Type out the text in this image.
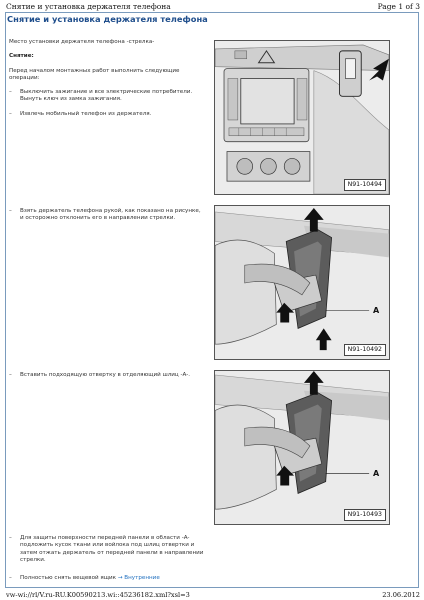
Снятие и установка держателя телефона	Page 1 of 3
Снятие и установка держателя телефона
Место установки держателя телефона -стрелка-
Снятие:
Перед началом монтажных работ выполнить следующие операции:
– Выключить зажигание и все электрические потребители. Вынуть ключ из замка зажигания.
– Извлечь мобильный телефон из держателя.
– Взять держатель телефона рукой, как показано на рисунке, и осторожно отклонить его в направлении стрелки.
– Вставить подходящую отвертку в отделяющий шлиц -A-.
– Для защиты поверхности передней панели в области -A- подложить кусок ткани или войлока под шлиц отвертки и затем отжать держатель от передней панели в направлении стрелки.
– Полностью снять вещевой ящик → Внутренние
N91-10494
A
N91-10492
A
N91-10493
vw-wi://rl/V.ru-RU.K00590213.wi::45236182.xml?xsl=3	23.06.2012
